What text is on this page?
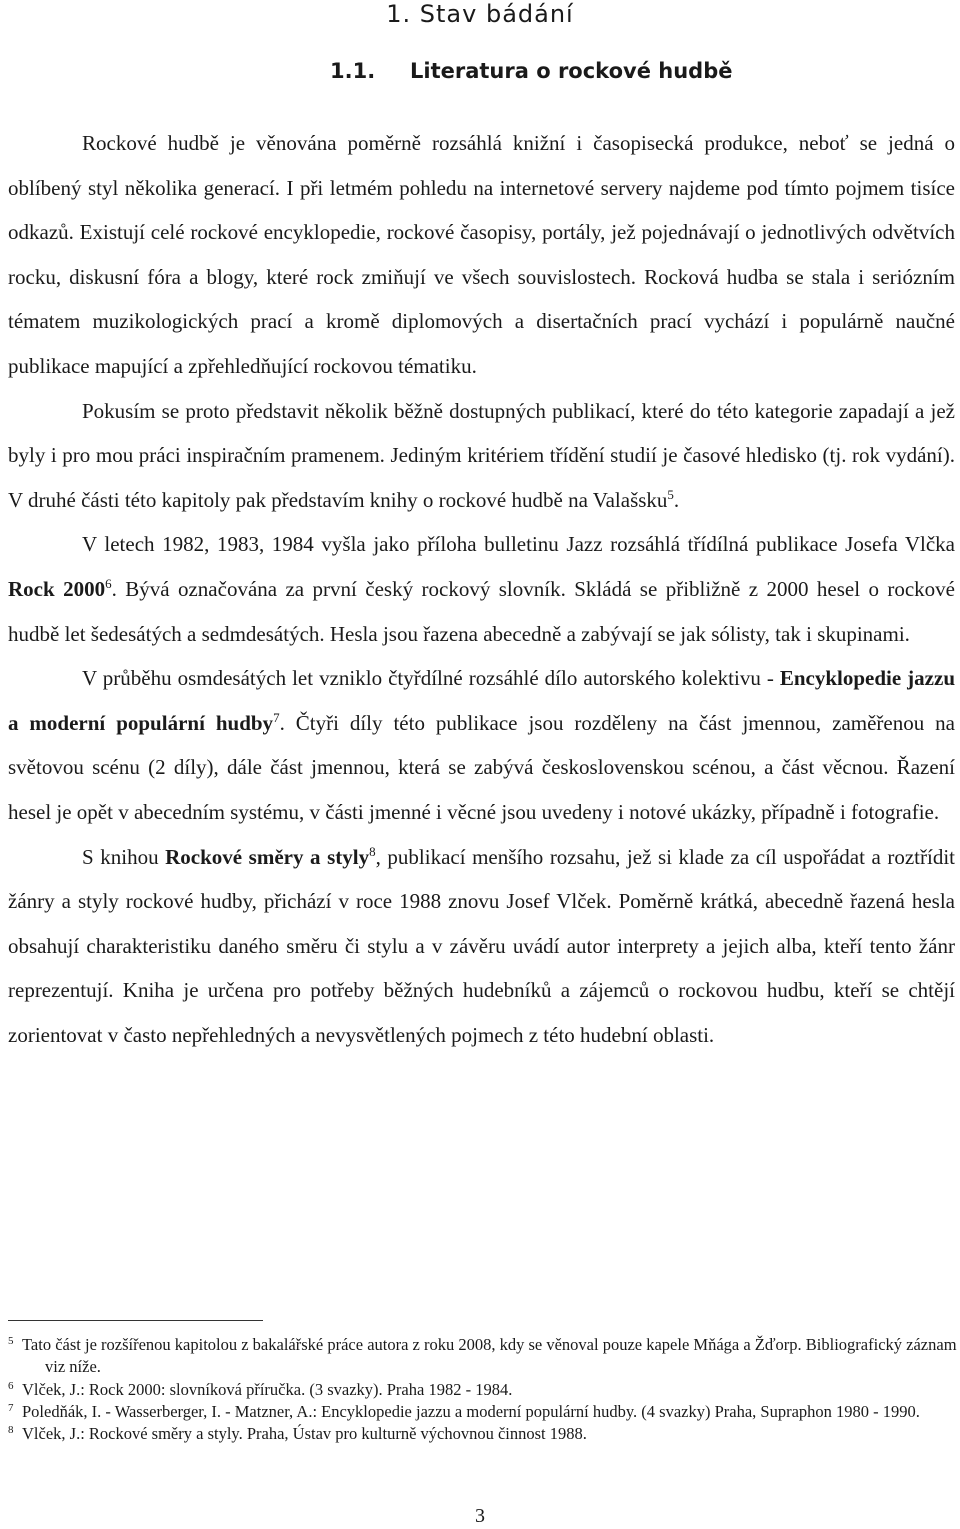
1. Stav bádání
1.1. Literatura o rockové hudbě

Rockové hudbě je věnována poměrně rozsáhlá knižní i časopisecká produkce, neboť se jedná o oblíbený styl několika generací. I při letmém pohledu na internetové servery najdeme pod tímto pojmem tisíce odkazů. Existují celé rockové encyklopedie, rockové časopisy, portály, jež pojednávají o jednotlivých odvětvích rocku, diskusní fóra a blogy, které rock zmiňují ve všech souvislostech. Rocková hudba se stala i seriózním tématem muzikologických prací a kromě diplomových a disertačních prací vychází i populárně naučné publikace mapující a zpřehledňující rockovou tématiku.

Pokusím se proto představit několik běžně dostupných publikací, které do této kategorie zapadají a jež byly i pro mou práci inspiračním pramenem. Jediným kritériem třídění studií je časové hledisko (tj. rok vydání). V druhé části této kapitoly pak představím knihy o rockové hudbě na Valašsku$^5$.

V letech 1982, 1983, 1984 vyšla jako příloha bulletinu Jazz rozsáhlá třídílná publikace Josefa Vlčka Rock 2000$^6$. Bývá označována za první český rockový slovník. Skládá se přibližně z 2000 hesel o rockové hudbě let šedesátých a sedmdesátých. Hesla jsou řazena abecedně a zabývají se jak sólisty, tak i skupinami.

V průběhu osmdesátých let vzniklo čtyřdílné rozsáhlé dílo autorského kolektivu - Encyklopedie jazzu a moderní populární hudby$^7$. Čtyři díly této publikace jsou rozděleny na část jmennou, zaměřenou na světovou scénu (2 díly), dále část jmennou, která se zabývá československou scénou, a část věcnou. Řazení hesel je opět v abecedním systému, v části jmenné i věcné jsou uvedeny i notové ukázky, případně i fotografie.

S knihou Rockové směry a styly$^8$, publikací menšího rozsahu, jež si klade za cíl uspořádat a roztřídit žánry a styly rockové hudby, přichází v roce 1988 znovu Josef Vlček. Poměrně krátká, abecedně řazená hesla obsahují charakteristiku daného směru či stylu a v závěru uvádí autor interprety a jejich alba, kteří tento žánr reprezentují. Kniha je určena pro potřeby běžných hudebníků a zájemců o rockovou hudbu, kteří se chtějí zorientovat v často nepřehledných a nevysvětlených pojmech z této hudební oblasti.

5 Tato část je rozšířenou kapitolou z bakalářské práce autora z roku 2008, kdy se věnoval pouze kapele Mňága a Žďorp. Bibliografický záznam viz níže.

6 Vlček, J.: Rock 2000: slovníková příručka. (3 svazky). Praha 1982 - 1984.

7 Poledňák, I. - Wasserberger, I. - Matzner, A.: Encyklopedie jazzu a moderní populární hudby. (4 svazky) Praha, Supraphon 1980 - 1990.

8 Vlček, J.: Rockové směry a styly. Praha, Ústav pro kulturně výchovnou činnost 1988.

3
